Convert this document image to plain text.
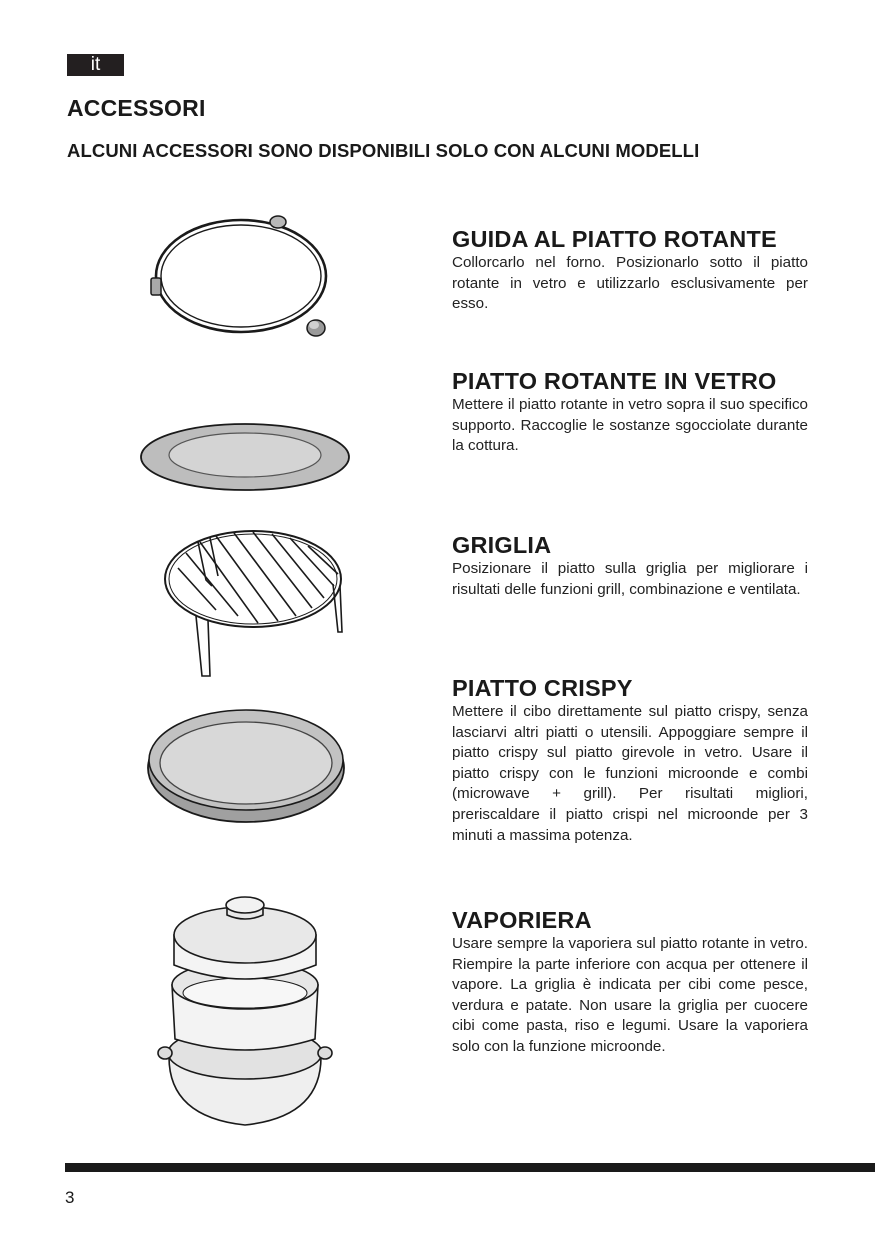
it
ACCESSORI
ALCUNI ACCESSORI SONO DISPONIBILI SOLO CON ALCUNI MODELLI
GUIDA AL PIATTO ROTANTE

Collorcarlo nel forno. Posizionarlo sotto il piatto rotante in vetro e utilizzarlo esclusivamente per esso.

PIATTO ROTANTE IN VETRO

Mettere il piatto rotante in vetro sopra il suo specifico supporto. Raccoglie le sostanze sgocciolate durante la cottura.

GRIGLIA

Posizionare il piatto sulla griglia per migliorare i risultati delle funzioni grill, combinazione e ventilata.

PIATTO CRISPY

Mettere il cibo direttamente sul piatto crispy, senza lasciarvi altri piatti o utensili. Appoggiare sempre il piatto crispy sul piatto girevole in vetro. Usare il piatto crispy con le funzioni microonde e combi (microwave + grill). Per risultati migliori, preriscaldare il piatto crispi nel microonde per 3 minuti a massima potenza.

VAPORIERA

Usare sempre la vaporiera sul piatto rotante in vetro. Riempire la parte inferiore con acqua per ottenere il vapore. La griglia è indicata per cibi come pesce, verdura e patate. Non usare la griglia per cuocere cibi come pasta, riso e legumi. Usare la vaporiera solo con la funzione microonde.

3
